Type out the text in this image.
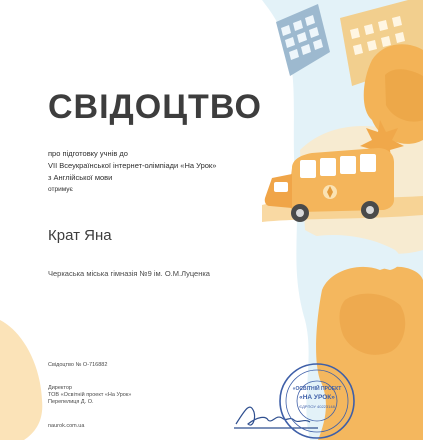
СВІДОЦТВО
про підготовку учнів до
VII Всеукраїнської інтернет-олімпіади «На Урок»
з Англійської мови
отримує
Крат Яна
Черкаська міська гімназія №9 ім. О.М.Луценка
Свідоцтво № О-716882
Директор
ТОВ «Освітній проект «На Урок»
Перепелиця Д. О.
naurok.com.ua
«ОСВІТНІЙ ПРОЕКТ
«НА УРОК»
ЄДРПОУ 40223148
